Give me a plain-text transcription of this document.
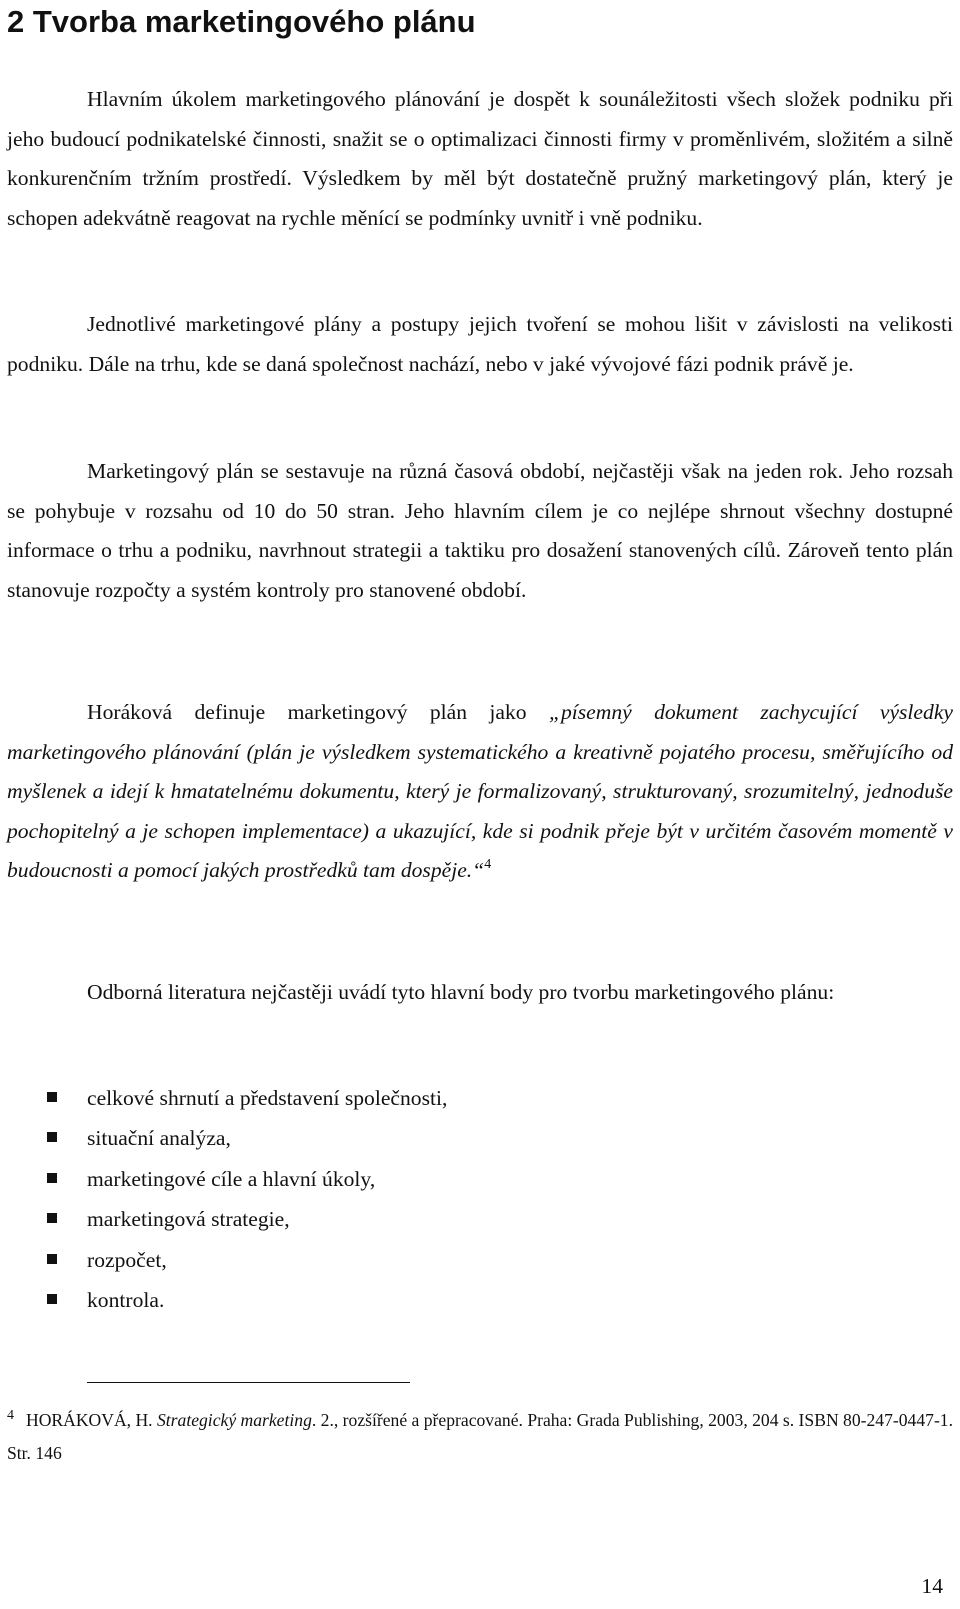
2 Tvorba marketingového plánu

Hlavním úkolem marketingového plánování je dospět k sounáležitosti všech složek podniku při jeho budoucí podnikatelské činnosti, snažit se o optimalizaci činnosti firmy v proměnlivém, složitém a silně konkurenčním tržním prostředí. Výsledkem by měl být dostatečně pružný marketingový plán, který je schopen adekvátně reagovat na rychle měnící se podmínky uvnitř i vně podniku.

Jednotlivé marketingové plány a postupy jejich tvoření se mohou lišit v závislosti na velikosti podniku. Dále na trhu, kde se daná společnost nachází, nebo v jaké vývojové fázi podnik právě je.

Marketingový plán se sestavuje na různá časová období, nejčastěji však na jeden rok. Jeho rozsah se pohybuje v rozsahu od 10 do 50 stran. Jeho hlavním cílem je co nejlépe shrnout všechny dostupné informace o trhu a podniku, navrhnout strategii a taktiku pro dosažení stanovených cílů. Zároveň tento plán stanovuje rozpočty a systém kontroly pro stanovené období.

Horáková definuje marketingový plán jako „písemný dokument zachycující výsledky marketingového plánování (plán je výsledkem systematického a kreativně pojatého procesu, směřujícího od myšlenek a idejí k hmatatelnému dokumentu, který je formalizovaný, strukturovaný, srozumitelný, jednoduše pochopitelný a je schopen implementace) a ukazující, kde si podnik přeje být v určitém časovém momentě v budoucnosti a pomocí jakých prostředků tam dospěje.“$^4$

Odborná literatura nejčastěji uvádí tyto hlavní body pro tvorbu marketingového plánu:

celkové shrnutí a představení společnosti,
situační analýza,
marketingové cíle a hlavní úkoly,
marketingová strategie,
rozpočet,
kontrola.

$^4$ HORÁKOVÁ, H. Strategický marketing. 2., rozšířené a přepracované. Praha: Grada Publishing, 2003, 204 s. ISBN 80-247-0447-1. Str. 146

14
